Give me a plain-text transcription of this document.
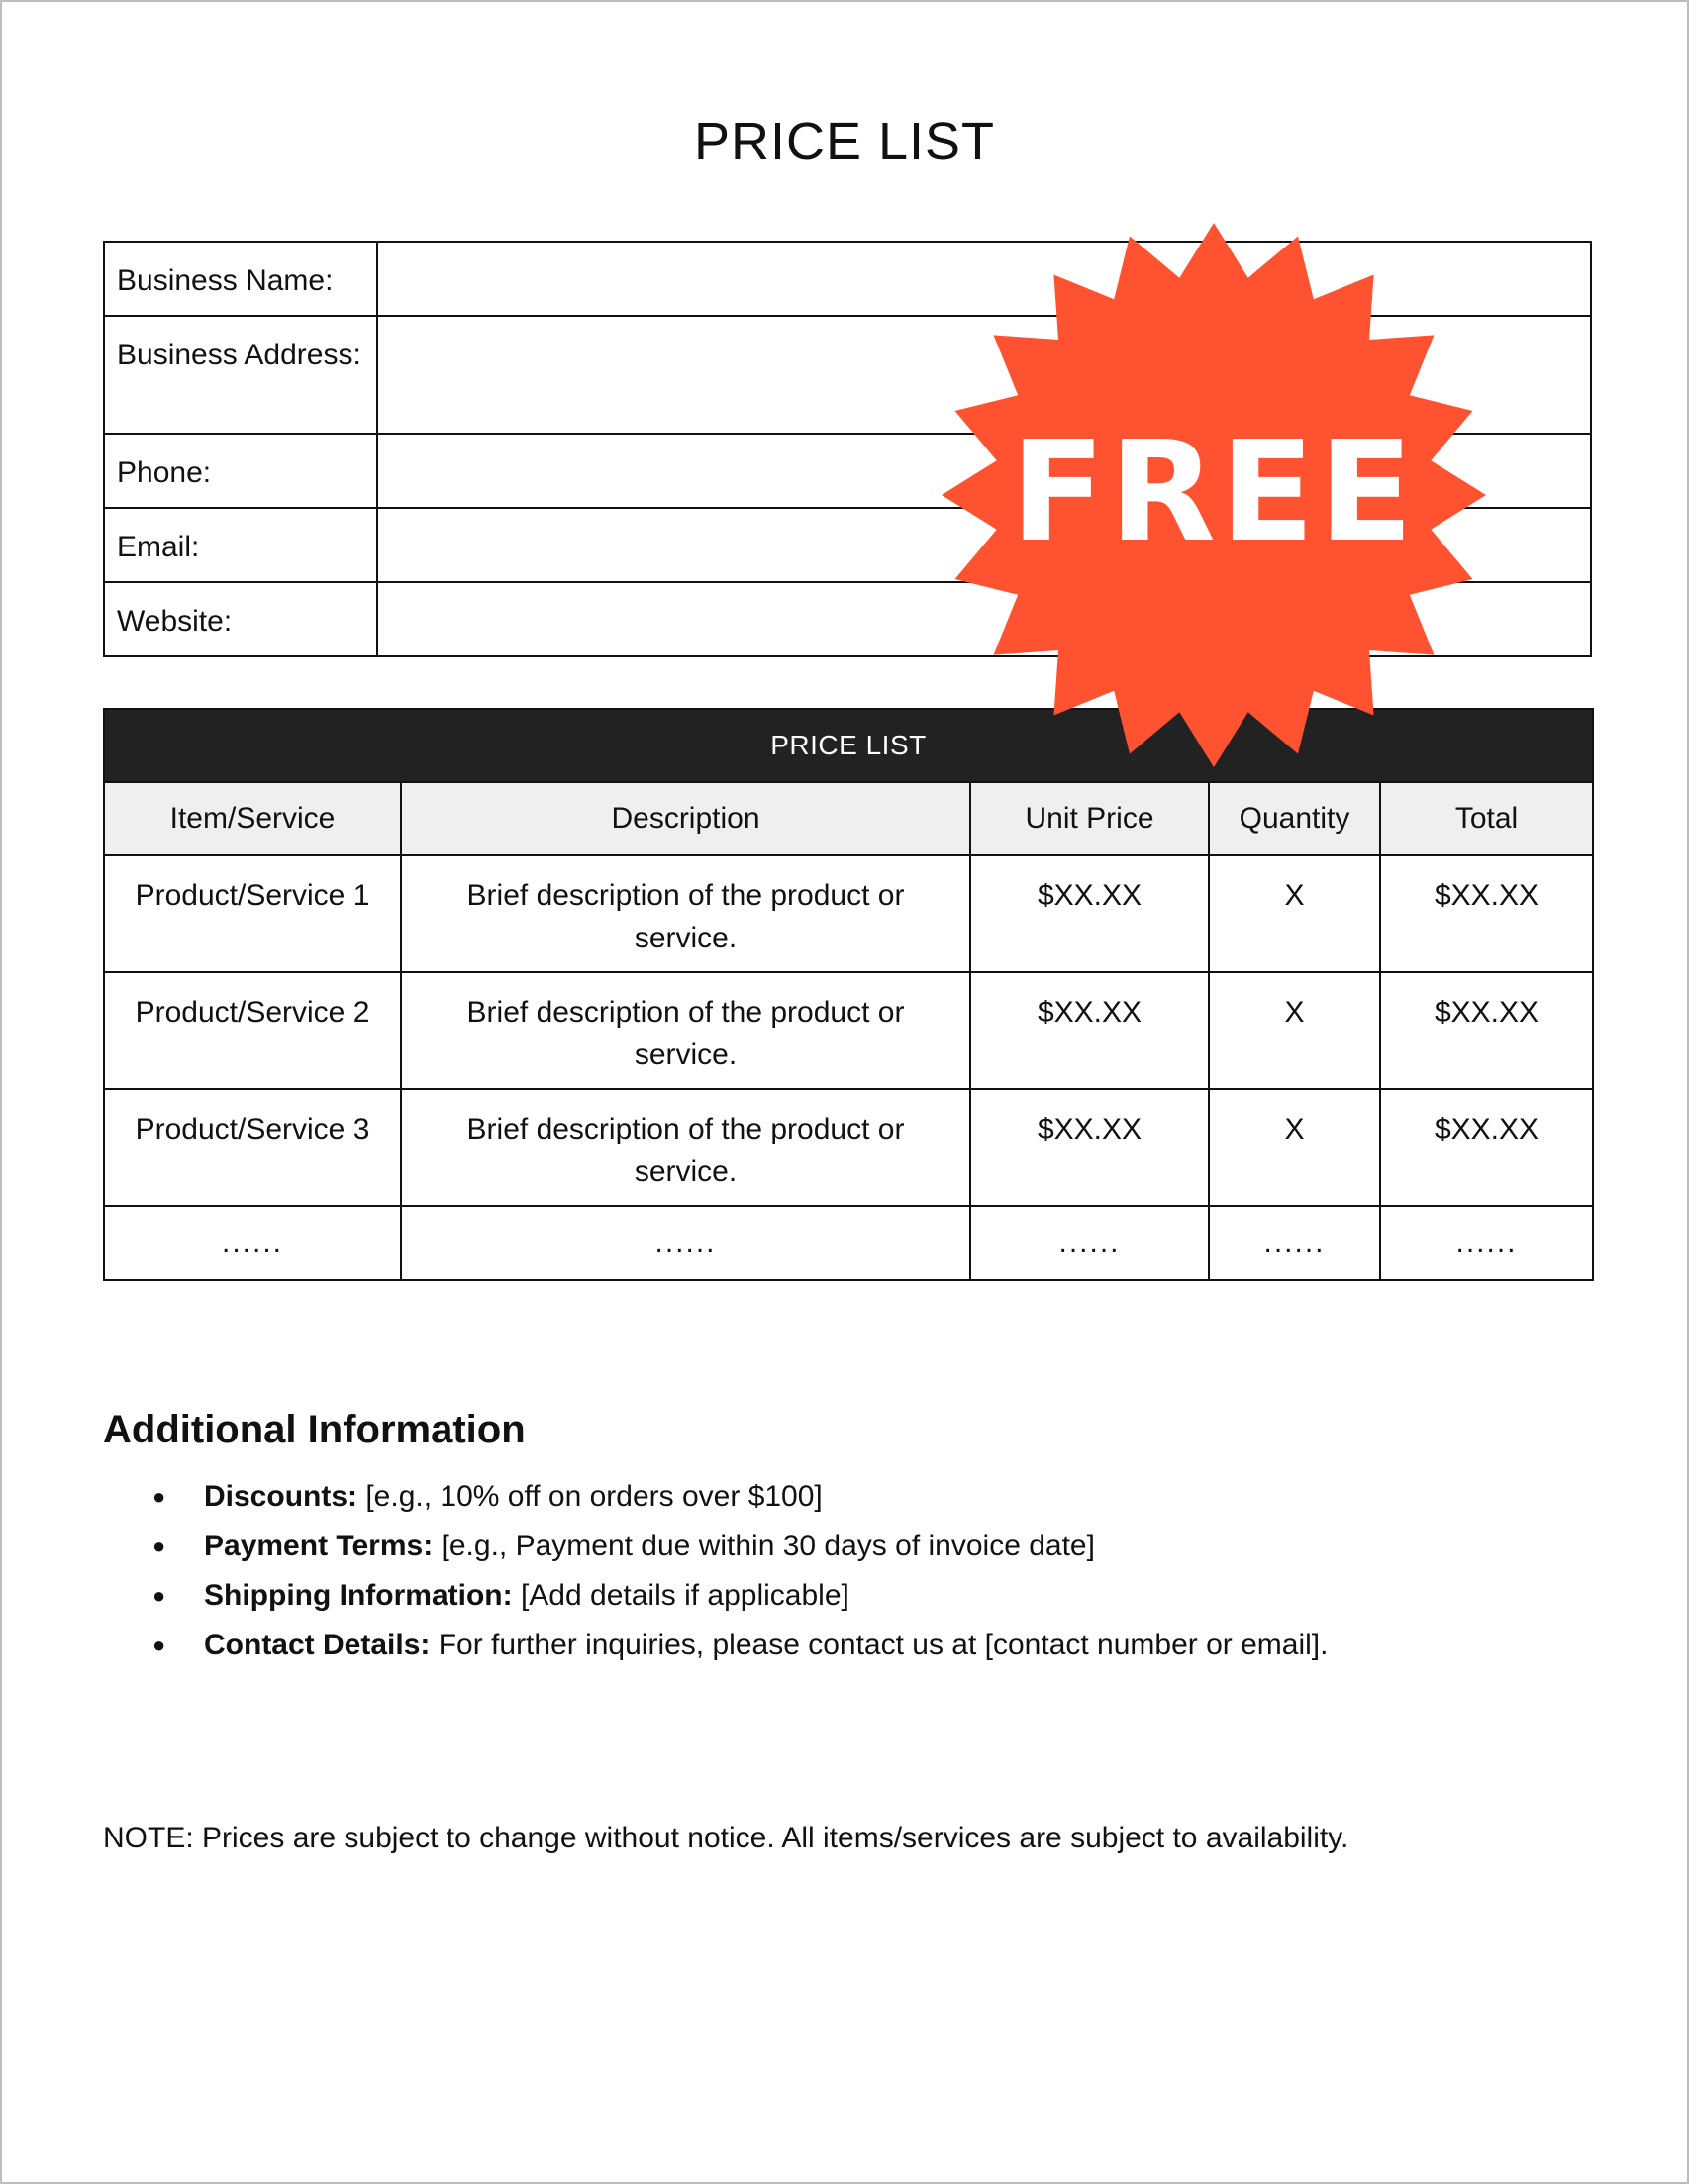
PRICE LIST
Business Name:	
Business Address:	
Phone:	
Email:	
Website:	
PRICE LIST				
Item/Service	Description	Unit Price	Quantity	Total
Product/Service 1	Brief description of the product or service.	$XX.XX	X	$XX.XX
Product/Service 2	Brief description of the product or service.	$XX.XX	X	$XX.XX
Product/Service 3	Brief description of the product or service.	$XX.XX	X	$XX.XX
......	......	......	......	......
Additional Information
● Discounts: [e.g., 10% off on orders over $100]
● Payment Terms: [e.g., Payment due within 30 days of invoice date]
● Shipping Information: [Add details if applicable]
● Contact Details: For further inquiries, please contact us at [contact number or email].

NOTE: Prices are subject to change without notice. All items/services are subject to availability.

FREE
